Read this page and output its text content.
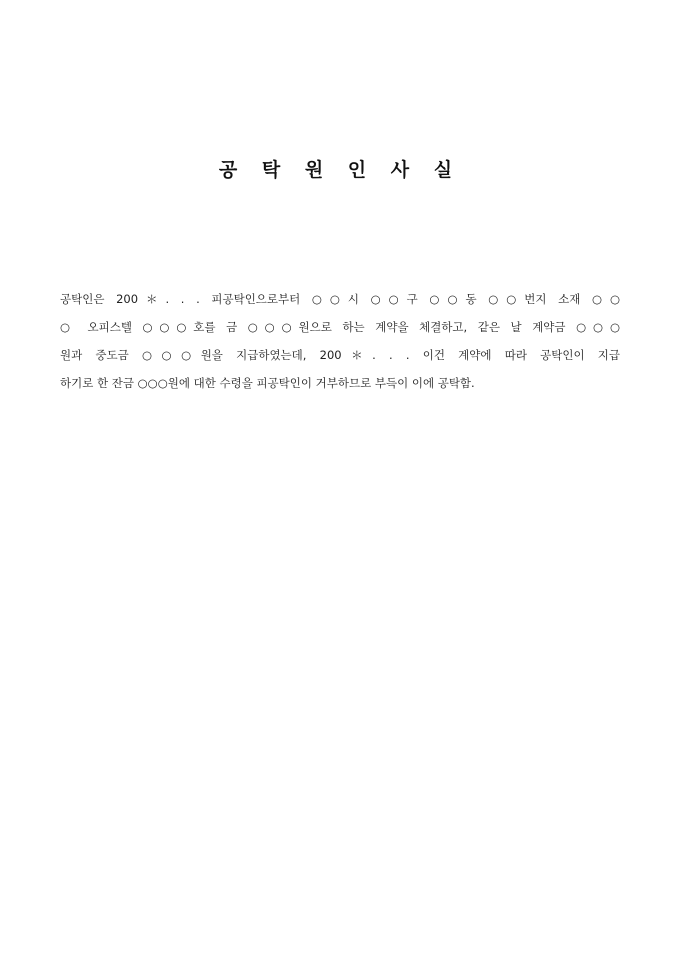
공 탁 원 인 사 실
공탁인은 200＊. . . 피공탁인으로부터 ○○시 ○○구 ○○동 ○○번지 소재 ○○
○ 오피스텔 ○○○호를 금 ○○○원으로 하는 계약을 체결하고, 같은 날 계약금 ○○○
원과 중도금 ○○○원을 지급하였는데, 200＊. . . 이건 계약에 따라 공탁인이 지급
하기로 한 잔금 ○○○원에 대한 수령을 피공탁인이 거부하므로 부득이 이에 공탁함.
